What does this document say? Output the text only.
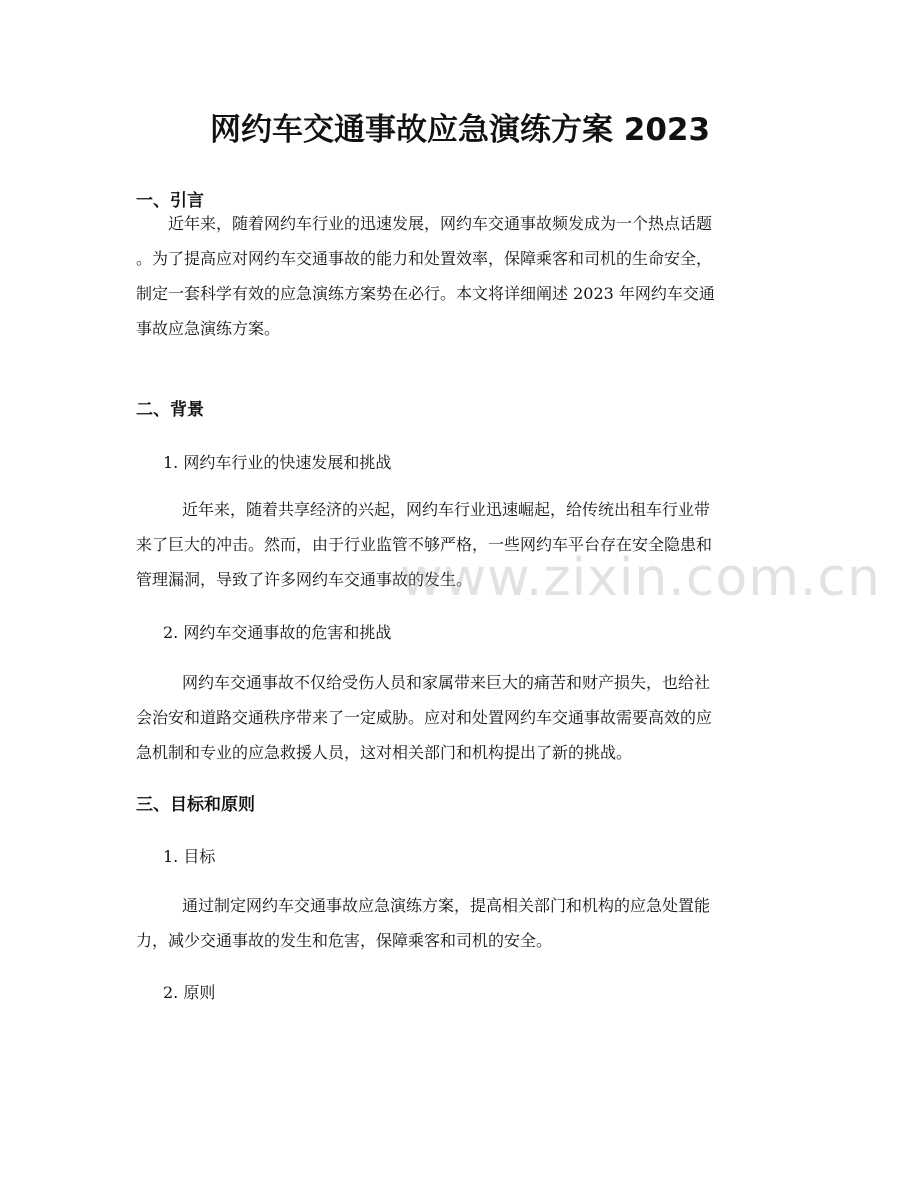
网约车交通事故应急演练方案 2023
一、引言

近年来，随着网约车行业的迅速发展，网约车交通事故频发成为一个热点话题
。为了提高应对网约车交通事故的能力和处置效率，保障乘客和司机的生命安全，
制定一套科学有效的应急演练方案势在必行。本文将详细阐述 2023 年网约车交通
事故应急演练方案。

二、背景

1. 网约车行业的快速发展和挑战

近年来，随着共享经济的兴起，网约车行业迅速崛起，给传统出租车行业带
来了巨大的冲击。然而，由于行业监管不够严格，一些网约车平台存在安全隐患和
管理漏洞，导致了许多网约车交通事故的发生。

2. 网约车交通事故的危害和挑战

网约车交通事故不仅给受伤人员和家属带来巨大的痛苦和财产损失，也给社
会治安和道路交通秩序带来了一定威胁。应对和处置网约车交通事故需要高效的应
急机制和专业的应急救援人员，这对相关部门和机构提出了新的挑战。

三、目标和原则

1. 目标

通过制定网约车交通事故应急演练方案，提高相关部门和机构的应急处置能
力，减少交通事故的发生和危害，保障乘客和司机的安全。

2. 原则

www.zixin.com.cn
